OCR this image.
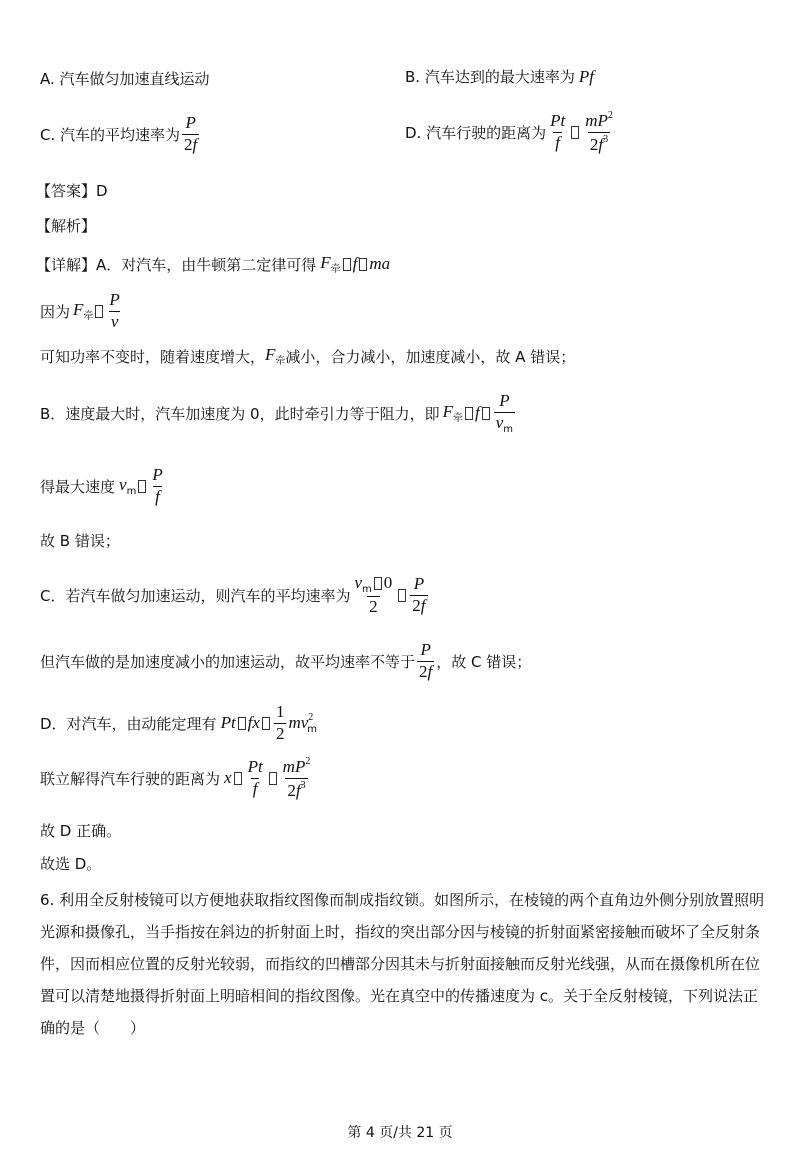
A. 汽车做匀加速直线运动	B. 汽车达到的最大速率为 Pf
C. 汽车的平均速率为 $\frac{P}{2f}$	D. 汽车行驶的距离为 $\frac{Pt}{f} \frac{mP^2}{2f^3}$
【答案】D
【解析】
【详解】A．对汽车，由牛顿第二定律可得 $F_牵$ f ma
因为 $F_牵 \frac{P}{v}$
可知功率不变时，随着速度增大， $F_牵$ 减小，合力减小，加速度减小，故 A 错误；
B．速度最大时，汽车加速度为 0，此时牵引力等于阻力，即 $F_牵$ f $\frac{P}{v_m}$
得最大速度 $v_m \frac{P}{f}$
故 B 错误；
C．若汽车做匀加速运动，则汽车的平均速率为 $\frac{v_m 0}{2} \frac{P}{2f}$
但汽车做的是加速度减小的加速运动，故平均速率不等于 $\frac{P}{2f}$ ，故 C 错误；
D．对汽车，由动能定理有 Pt fx $\frac{1}{2} mv^2_m$
联立解得汽车行驶的距离为 x $\frac{Pt}{f} \frac{mP^2}{2f^3}$
故 D 正确。
故选 D。
6. 利用全反射棱镜可以方便地获取指纹图像而制成指纹锁。如图所示，在棱镜的两个直角边外侧分别放置照明光源和摄像孔，当手指按在斜边的折射面上时，指纹的突出部分因与棱镜的折射面紧密接触而破坏了全反射条件，因而相应位置的反射光较弱，而指纹的凹槽部分因其未与折射面接触而反射光线强，从而在摄像机所在位置可以清楚地摄得折射面上明暗相间的指纹图像。光在真空中的传播速度为 c。关于全反射棱镜，下列说法正确的是（　　）
第 4 页/共 21 页
